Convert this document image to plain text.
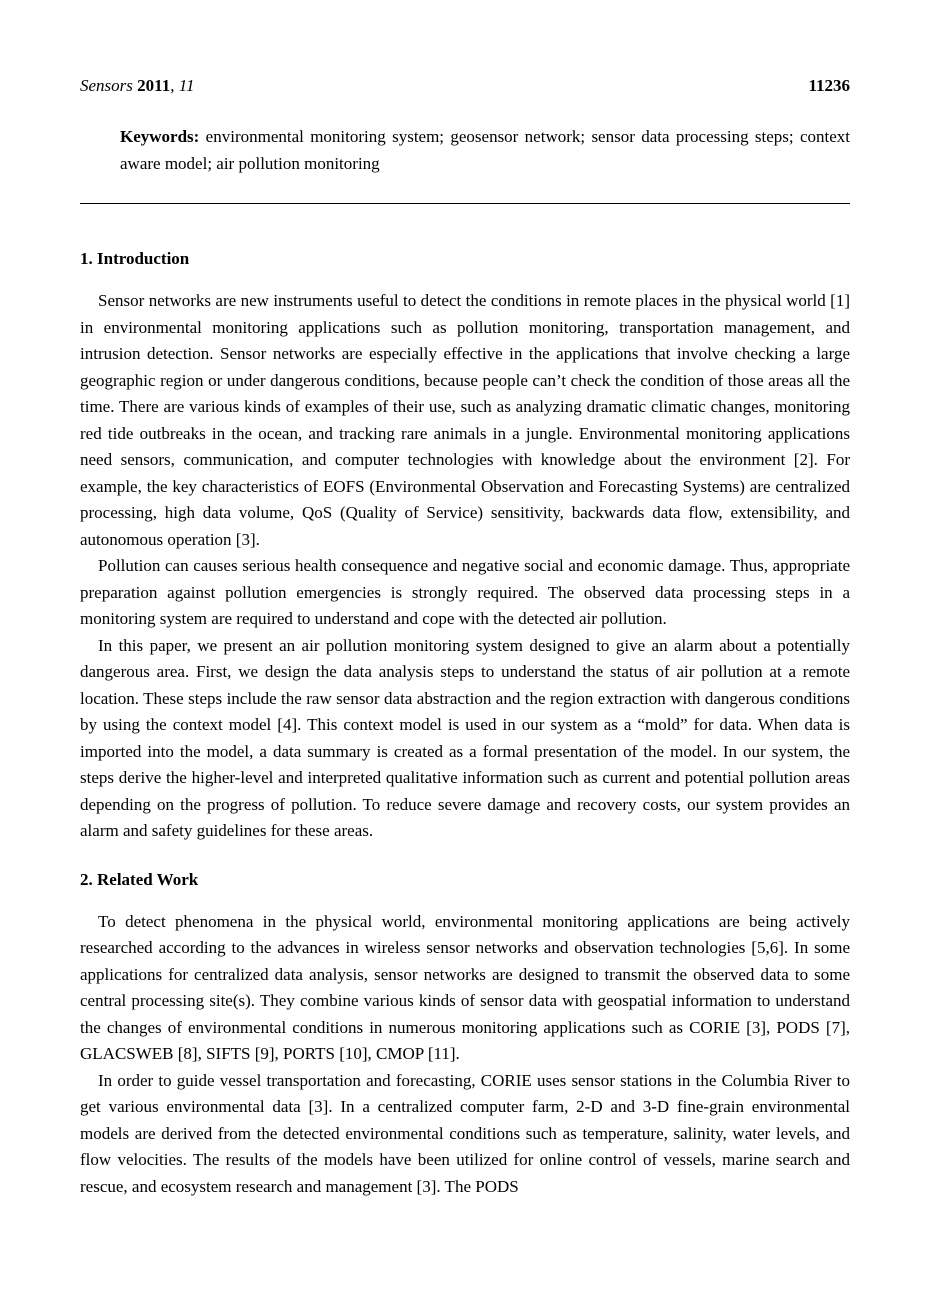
Sensors 2011, 11	11236
Keywords: environmental monitoring system; geosensor network; sensor data processing steps; context aware model; air pollution monitoring
1. Introduction

Sensor networks are new instruments useful to detect the conditions in remote places in the physical world [1] in environmental monitoring applications such as pollution monitoring, transportation management, and intrusion detection. Sensor networks are especially effective in the applications that involve checking a large geographic region or under dangerous conditions, because people can’t check the condition of those areas all the time. There are various kinds of examples of their use, such as analyzing dramatic climatic changes, monitoring red tide outbreaks in the ocean, and tracking rare animals in a jungle. Environmental monitoring applications need sensors, communication, and computer technologies with knowledge about the environment [2]. For example, the key characteristics of EOFS (Environmental Observation and Forecasting Systems) are centralized processing, high data volume, QoS (Quality of Service) sensitivity, backwards data flow, extensibility, and autonomous operation [3].

Pollution can causes serious health consequence and negative social and economic damage. Thus, appropriate preparation against pollution emergencies is strongly required. The observed data processing steps in a monitoring system are required to understand and cope with the detected air pollution.

In this paper, we present an air pollution monitoring system designed to give an alarm about a potentially dangerous area. First, we design the data analysis steps to understand the status of air pollution at a remote location. These steps include the raw sensor data abstraction and the region extraction with dangerous conditions by using the context model [4]. This context model is used in our system as a “mold” for data. When data is imported into the model, a data summary is created as a formal presentation of the model. In our system, the steps derive the higher-level and interpreted qualitative information such as current and potential pollution areas depending on the progress of pollution. To reduce severe damage and recovery costs, our system provides an alarm and safety guidelines for these areas.

2. Related Work

To detect phenomena in the physical world, environmental monitoring applications are being actively researched according to the advances in wireless sensor networks and observation technologies [5,6]. In some applications for centralized data analysis, sensor networks are designed to transmit the observed data to some central processing site(s). They combine various kinds of sensor data with geospatial information to understand the changes of environmental conditions in numerous monitoring applications such as CORIE [3], PODS [7], GLACSWEB [8], SIFTS [9], PORTS [10], CMOP [11].

In order to guide vessel transportation and forecasting, CORIE uses sensor stations in the Columbia River to get various environmental data [3]. In a centralized computer farm, 2-D and 3-D fine-grain environmental models are derived from the detected environmental conditions such as temperature, salinity, water levels, and flow velocities. The results of the models have been utilized for online control of vessels, marine search and rescue, and ecosystem research and management [3]. The PODS
